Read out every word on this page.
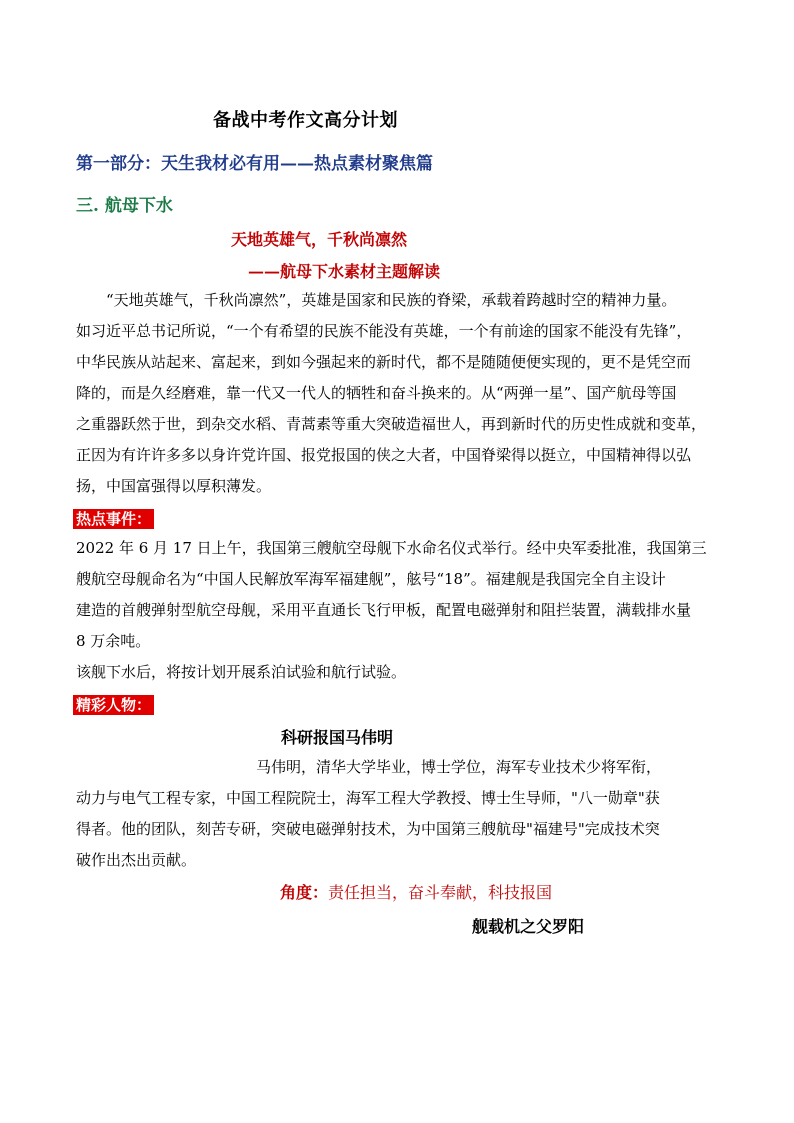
备战中考作文高分计划
第一部分：天生我材必有用——热点素材聚焦篇
三. 航母下水
天地英雄气，千秋尚凛然
——航母下水素材主题解读
　　“天地英雄气，千秋尚凛然”，英雄是国家和民族的脊梁，承载着跨越时空的精神力量。
如习近平总书记所说，“一个有希望的民族不能没有英雄，一个有前途的国家不能没有先锋”，
中华民族从站起来、富起来，到如今强起来的新时代，都不是随随便便实现的，更不是凭空而
降的，而是久经磨难，靠一代又一代人的牺牲和奋斗换来的。从“两弹一星”、国产航母等国
之重器跃然于世，到杂交水稻、青蒿素等重大突破造福世人，再到新时代的历史性成就和变革，
正因为有许许多多以身许党许国、报党报国的侠之大者，中国脊梁得以挺立，中国精神得以弘
扬，中国富强得以厚积薄发。
热点事件：
2022 年 6 月 17 日上午，我国第三艘航空母舰下水命名仪式举行。经中央军委批准，我国第三
艘航空母舰命名为“中国人民解放军海军福建舰”，舷号“18”。福建舰是我国完全自主设计
建造的首艘弹射型航空母舰，采用平直通长飞行甲板，配置电磁弹射和阻拦装置，满载排水量
8 万余吨。
该舰下水后，将按计划开展系泊试验和航行试验。
精彩人物：
科研报国马伟明
　　　　　　　　　　　　马伟明，清华大学毕业，博士学位，海军专业技术少将军衔，
动力与电气工程专家，中国工程院院士，海军工程大学教授、博士生导师，"八一勋章"获
得者。他的团队，刻苦专研，突破电磁弹射技术，为中国第三艘航母"福建号"完成技术突
破作出杰出贡献。
角度：责任担当，奋斗奉献，科技报国
舰载机之父罗阳
